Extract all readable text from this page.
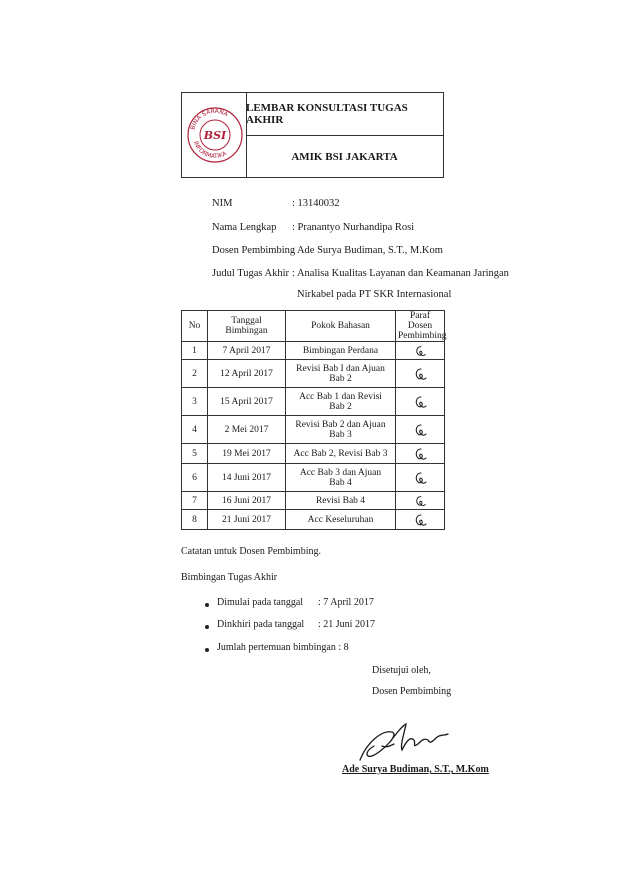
BINA SARANA
INFORMATIKA
BSI
LEMBAR KONSULTASI TUGAS AKHIR
AMIK BSI JAKARTA
NIM	: 13140032
Nama Lengkap : Pranantyo Nurhandipa Rosi
Dosen Pembimbing
: Ade Surya Budiman, S.T., M.Kom
Judul Tugas Akhir : Analisa Kualitas Layanan dan Keamanan Jaringan
Nirkabel pada PT SKR Internasional
No	Tanggal Bimbingan	Pokok Bahasan	Paraf Dosen
Pembimbing

1	7 April 2017	Bimbingan Perdana

2	12 April 2017	Revisi Bab I dan Ajuan
Bab 2

3	15 April 2017	Acc Bab 1 dan Revisi
Bab 2

4	2 Mei 2017	Revisi Bab 2 dan Ajuan
Bab 3

5	19 Mei 2017	Acc Bab 2, Revisi Bab 3

6	14 Juni 2017	Acc Bab 3 dan Ajuan
Bab 4

7	16 Juni 2017	Revisi Bab 4

8	21 Juni 2017	Acc Keseluruhan

Catatan untuk Dosen Pembimbing.
Bimbingan Tugas Akhir
Dimulai pada tanggal : 7 April 2017
Dinkhiri pada tanggal : 21 Juni 2017
Jumlah pertemuan bimbingan : 8
Disetujui oleh,
Dosen Pembimbing
Ade Surya Budiman, S.T., M.Kom
